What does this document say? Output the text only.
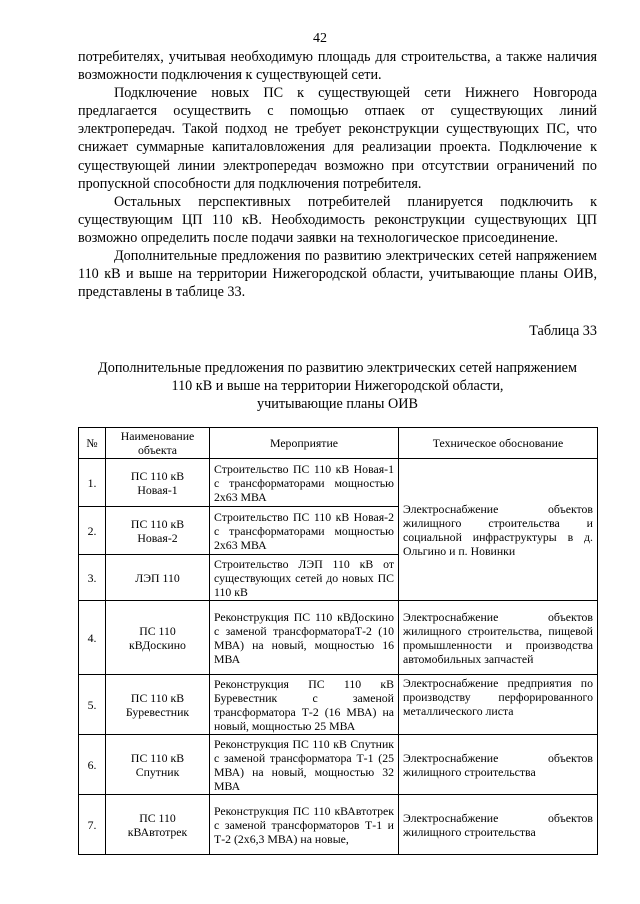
42

потребителях, учитывая необходимую площадь для строительства, а также наличия возможности подключения к существующей сети.

Подключение новых ПС к существующей сети Нижнего Новгорода предлагается осуществить с помощью отпаек от существующих линий электропередач. Такой подход не требует реконструкции существующих ПС, что снижает суммарные капиталовложения для реализации проекта. Подключение к существующей линии электропередач возможно при отсутствии ограничений по пропускной способности для подключения потребителя.

Остальных перспективных потребителей планируется подключить к существующим ЦП 110 кВ. Необходимость реконструкции существующих ЦП возможно определить после подачи заявки на технологическое присоединение.

Дополнительные предложения по развитию электрических сетей напряжением 110 кВ и выше на территории Нижегородской области, учитывающие планы ОИВ, представлены в таблице 33.

Таблица 33
Дополнительные предложения по развитию электрических сетей напряжением
110 кВ и выше на территории Нижегородской области,
учитывающие планы ОИВ
№	Наименование объекта	Мероприятие	Техническое обоснование
1.	ПС 110 кВ Новая-1	Строительство ПС 110 кВ Новая-1 с трансформаторами мощностью 2х63 МВА	Электроснабжение объектов жилищного строительства и социальной инфраструктуры в д. Ольгино и п. Новинки
2.	ПС 110 кВ Новая-2	Строительство ПС 110 кВ Новая-2 с трансформаторами мощностью 2х63 МВА	
3.	ЛЭП 110	Строительство ЛЭП 110 кВ от существующих сетей до новых ПС 110 кВ	
4.	ПС 110 кВДоскино	Реконструкция ПС 110 кВДоскино с заменой трансформатораТ-2 (10 МВА) на новый, мощностью 16 МВА	Электроснабжение объектов жилищного строительства, пищевой промышленности и производства автомобильных запчастей
5.	ПС 110 кВ Буревестник	Реконструкция ПС 110 кВ Буревестник с заменой трансформатора Т-2 (16 МВА) на новый, мощностью 25 МВА	Электроснабжение предприятия по производству перфорированного металлического листа
6.	ПС 110 кВ Спутник	Реконструкция ПС 110 кВ Спутник с заменой трансформатора Т-1 (25 МВА) на новый, мощностью 32 МВА	Электроснабжение объектов жилищного строительства
7.	ПС 110 кВАвтотрек	Реконструкция ПС 110 кВАвтотрек с заменой трансформаторов Т-1 и Т-2 (2х6,3 МВА) на новые,	Электроснабжение объектов жилищного строительства
